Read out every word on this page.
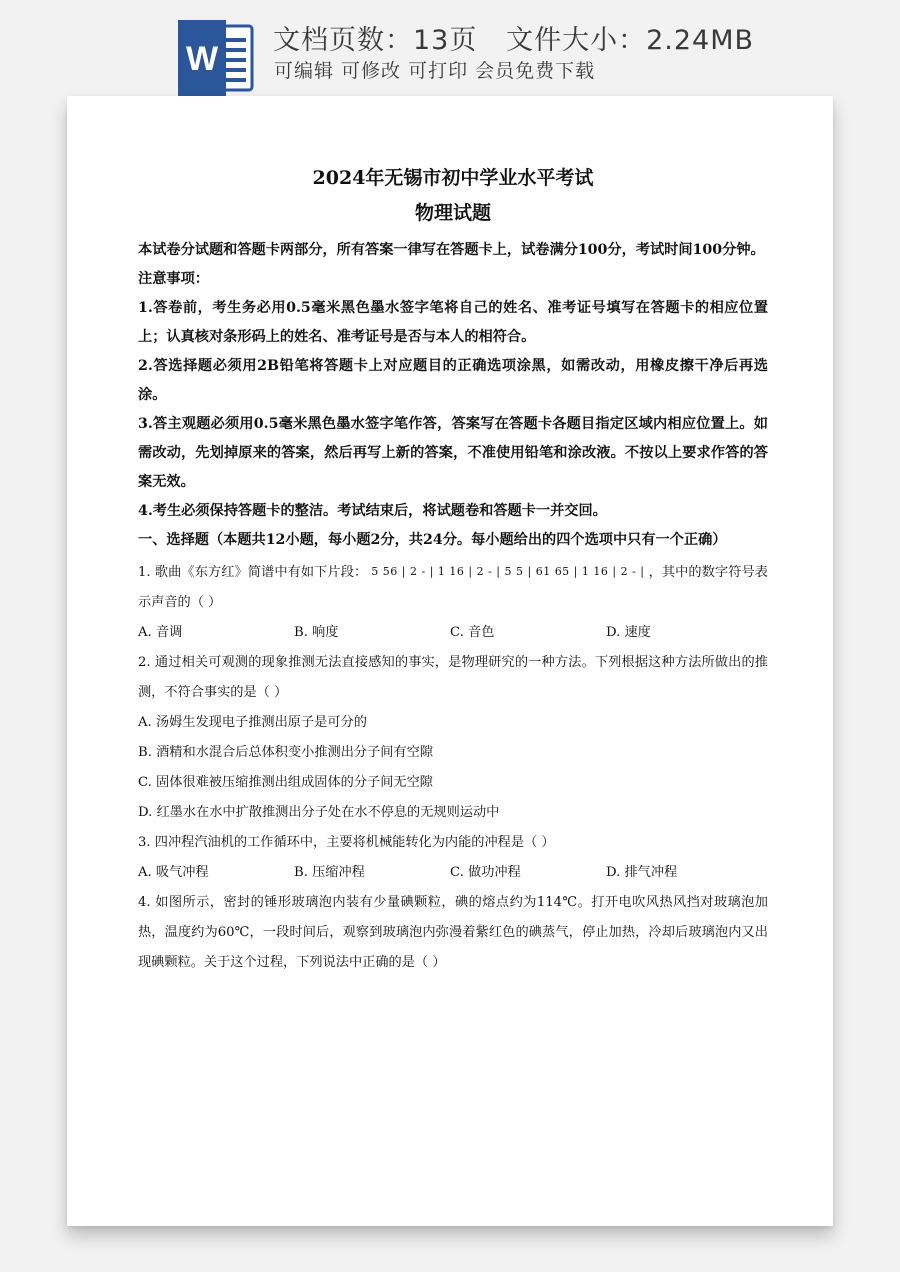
W 文档页数：13页   文件大小：2.24MB
可编辑 可修改 可打印 会员免费下载

2024年无锡市初中学业水平考试

物理试题

本试卷分试题和答题卡两部分，所有答案一律写在答题卡上，试卷满分100分，考试时间100分钟。

注意事项：

1.答卷前，考生务必用0.5毫米黑色墨水签字笔将自己的姓名、准考证号填写在答题卡的相应位置上；认真核对条形码上的姓名、准考证号是否与本人的相符合。

2.答选择题必须用2B铅笔将答题卡上对应题目的正确选项涂黑，如需改动，用橡皮擦干净后再选涂。

3.答主观题必须用0.5毫米黑色墨水签字笔作答，答案写在答题卡各题目指定区域内相应位置上。如需改动，先划掉原来的答案，然后再写上新的答案，不准使用铅笔和涂改液。不按以上要求作答的答案无效。

4.考生必须保持答题卡的整洁。考试结束后，将试题卷和答题卡一并交回。

一、选择题（本题共12小题，每小题2分，共24分。每小题给出的四个选项中只有一个正确）

1. 歌曲《东方红》简谱中有如下片段： 5 56 | 2 - | 1 16 | 2 - | 5 5 | 61 65 | 1 16 | 2 - | ，其中的数字符号表示声音的（ ）

A. 音调	B. 响度	C. 音色	D. 速度

2. 通过相关可观测的现象推测无法直接感知的事实，是物理研究的一种方法。下列根据这种方法所做出的推测，不符合事实的是（ ）

A. 汤姆生发现电子推测出原子是可分的

B. 酒精和水混合后总体积变小推测出分子间有空隙

C. 固体很难被压缩推测出组成固体的分子间无空隙

D. 红墨水在水中扩散推测出分子处在水不停息的无规则运动中

3. 四冲程汽油机的工作循环中，主要将机械能转化为内能的冲程是（ ）

A. 吸气冲程	B. 压缩冲程	C. 做功冲程	D. 排气冲程

4. 如图所示，密封的锤形玻璃泡内装有少量碘颗粒，碘的熔点约为114℃。打开电吹风热风挡对玻璃泡加热，温度约为60℃，一段时间后，观察到玻璃泡内弥漫着紫红色的碘蒸气，停止加热，冷却后玻璃泡内又出现碘颗粒。关于这个过程，下列说法中正确的是（ ）
